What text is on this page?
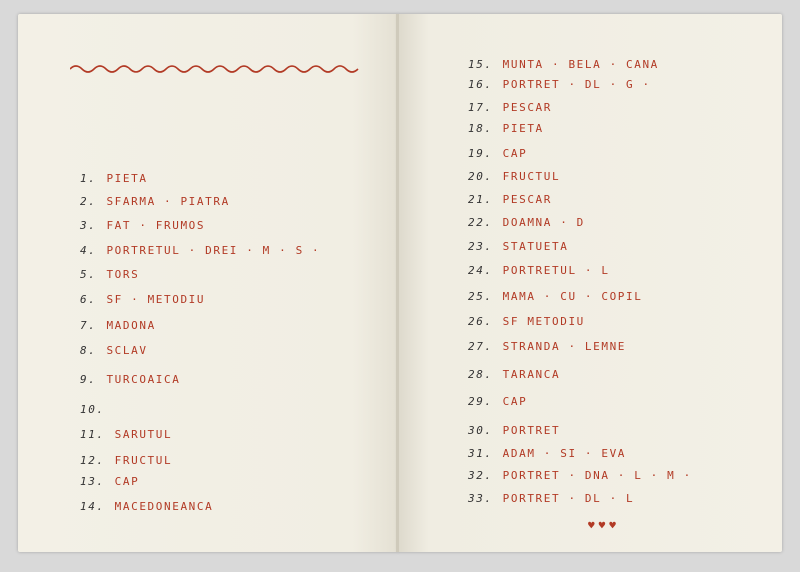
1. PIETA
2. SFARMA · PIATRA
3. FAT · FRUMOS
4. PORTRETUL · DREI · M · S ·
5. TORS
6. SF · METODIU
7. MADONA
8. SCLAV
9. TURCOAICA
10.
11. SARUTUL
12. FRUCTUL
13. CAP
14. MACEDONEANCA
15. MUNTA · BELA · CANA
16. PORTRET · DL · G ·
17. PESCAR
18. PIETA
19. CAP
20. FRUCTUL
21. PESCAR
22. DOAMNA · D
23. STATUETA
24. PORTRETUL · L
25. MAMA · CU · COPIL
26. SF METODIU
27. STRANDA · LEMNE
28. TARANCA
29. CAP
30. PORTRET
31. ADAM · SI · EVA
32. PORTRET · DNA · L · M ·
33. PORTRET · DL · L
♥♥♥
